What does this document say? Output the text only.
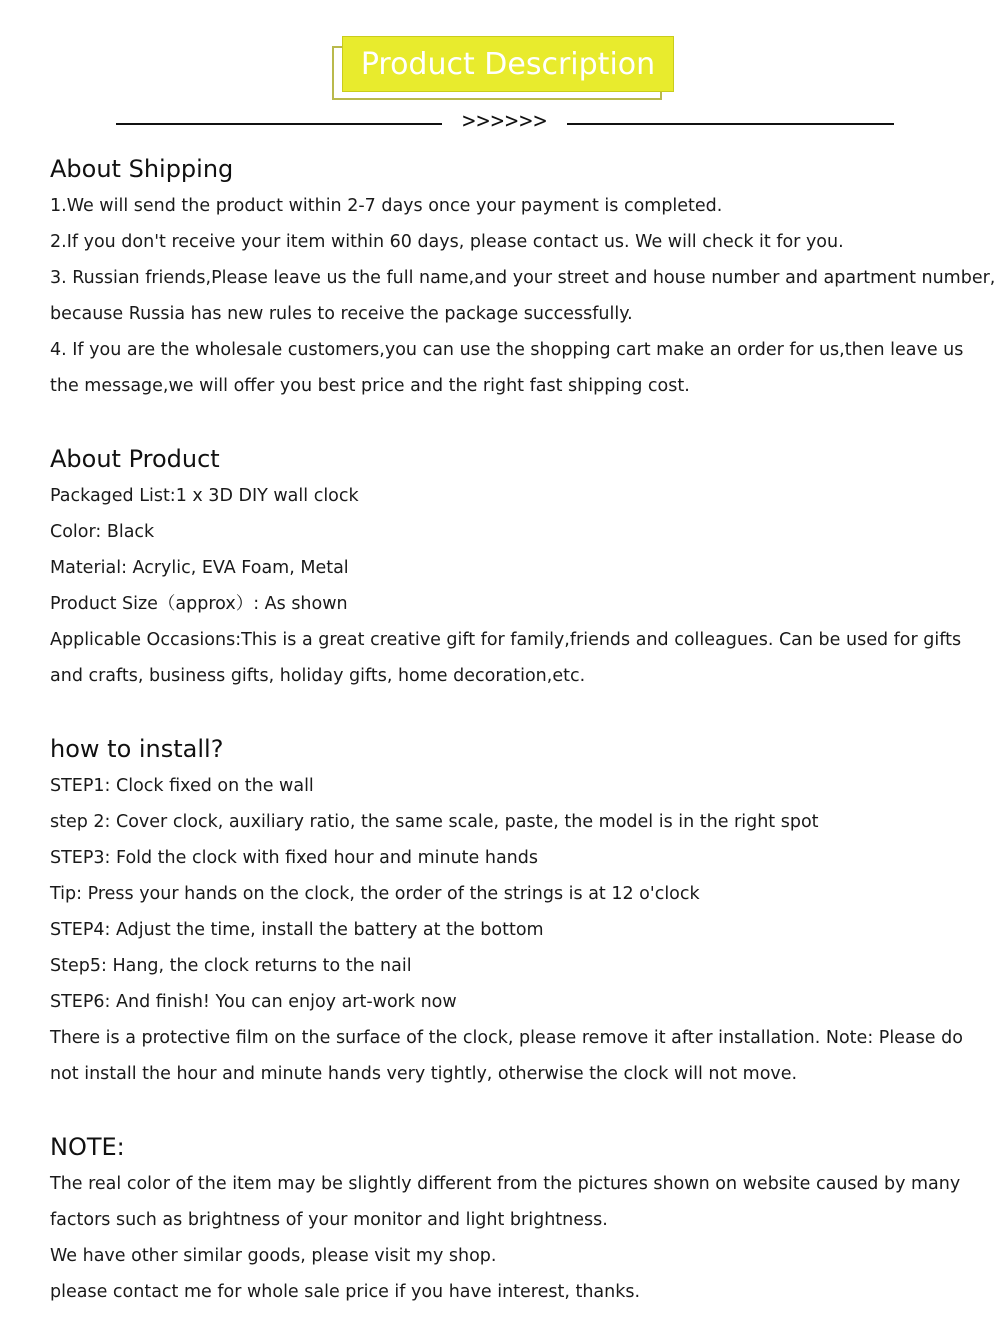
Product Description
>>>>>>
About Shipping

1.We will send the product within 2-7 days once your payment is completed.

2.If you don't receive your item within 60 days, please contact us. We will check it for you.

3. Russian friends,Please leave us the full name,and your street and house number and apartment number,

because Russia has new rules to receive the package successfully.

4. If you are the wholesale customers,you can use the shopping cart make an order for us,then leave us

the message,we will offer you best price and the right fast shipping cost.

About Product

Packaged List:1 x 3D DIY wall clock

Color: Black

Material: Acrylic, EVA Foam, Metal

Product Size（approx）: As shown

Applicable Occasions:This is a great creative gift for family,friends and colleagues. Can be used for gifts

and crafts, business gifts, holiday gifts, home decoration,etc.

how to install?

STEP1: Clock fixed on the wall

step 2: Cover clock, auxiliary ratio, the same scale, paste, the model is in the right spot

STEP3: Fold the clock with fixed hour and minute hands

Tip: Press your hands on the clock, the order of the strings is at 12 o'clock

STEP4: Adjust the time, install the battery at the bottom

Step5: Hang, the clock returns to the nail

STEP6: And finish! You can enjoy art-work now

There is a protective film on the surface of the clock, please remove it after installation. Note: Please do

not install the hour and minute hands very tightly, otherwise the clock will not move.

NOTE:

The real color of the item may be slightly different from the pictures shown on website caused by many

factors such as brightness of your monitor and light brightness.

We have other similar goods, please visit my shop.

please contact me for whole sale price if you have interest, thanks.
